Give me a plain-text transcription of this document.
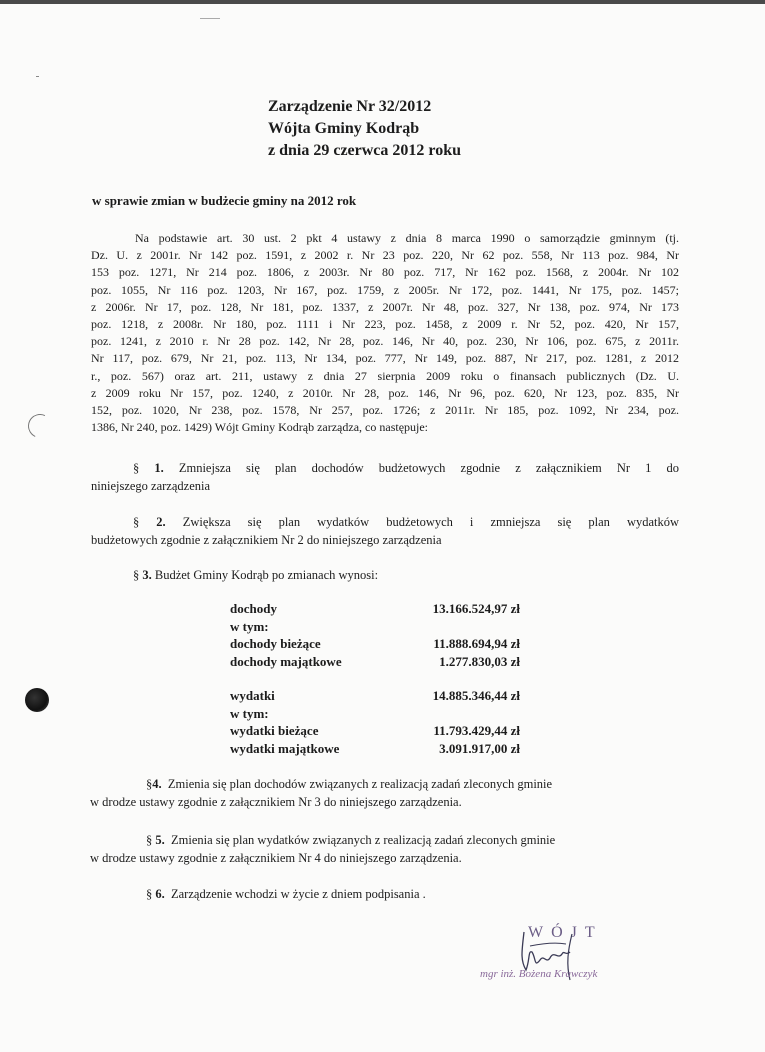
Zarządzenie Nr 32/2012
Wójta Gminy Kodrąb
z dnia 29 czerwca 2012 roku
w sprawie zmian w budżecie gminy na 2012 rok
Na podstawie art. 30 ust. 2 pkt 4 ustawy z dnia 8 marca 1990 o samorządzie gminnym (tj.
Dz. U. z 2001r. Nr 142 poz. 1591, z 2002 r. Nr 23 poz. 220, Nr 62 poz. 558, Nr 113 poz. 984, Nr
153 poz. 1271, Nr 214 poz. 1806, z 2003r. Nr 80 poz. 717, Nr 162 poz. 1568, z 2004r. Nr 102
poz. 1055, Nr 116 poz. 1203, Nr 167, poz. 1759, z 2005r. Nr 172, poz. 1441, Nr 175, poz. 1457;
z 2006r. Nr 17, poz. 128, Nr 181, poz. 1337, z 2007r. Nr 48, poz. 327, Nr 138, poz. 974, Nr 173
poz. 1218, z 2008r. Nr 180, poz. 1111 i Nr 223, poz. 1458, z 2009 r. Nr 52, poz. 420, Nr 157,
poz. 1241, z 2010 r. Nr 28 poz. 142, Nr 28, poz. 146, Nr 40, poz. 230, Nr 106, poz. 675, z 2011r.
Nr 117, poz. 679, Nr 21, poz. 113, Nr 134, poz. 777, Nr 149, poz. 887, Nr 217, poz. 1281, z 2012
r., poz. 567) oraz art. 211, ustawy z dnia 27 sierpnia 2009 roku o finansach publicznych (Dz. U.
z 2009 roku Nr 157, poz. 1240, z 2010r. Nr 28, poz. 146, Nr 96, poz. 620, Nr 123, poz. 835, Nr
152, poz. 1020, Nr 238, poz. 1578, Nr 257, poz. 1726; z 2011r. Nr 185, poz. 1092, Nr 234, poz.
1386, Nr 240, poz. 1429) Wójt Gminy Kodrąb zarządza, co następuje:
§ 1. Zmniejsza się plan dochodów budżetowych zgodnie z załącznikiem Nr 1 do
niniejszego zarządzenia
§ 2. Zwiększa się plan wydatków budżetowych i zmniejsza się plan wydatków
budżetowych zgodnie z załącznikiem Nr 2 do niniejszego zarządzenia
§ 3. Budżet Gminy Kodrąb po zmianach wynosi:
dochody	13.166.524,97 zł
w tym:
dochody bieżące	11.888.694,94 zł
dochody majątkowe	1.277.830,03 zł
wydatki	14.885.346,44 zł
w tym:
wydatki bieżące	11.793.429,44 zł
wydatki majątkowe	3.091.917,00 zł
§4. Zmienia się plan dochodów związanych z realizacją zadań zleconych gminie
w drodze ustawy zgodnie z załącznikiem Nr 3 do niniejszego zarządzenia.
§ 5. Zmienia się plan wydatków związanych z realizacją zadań zleconych gminie
w drodze ustawy zgodnie z załącznikiem Nr 4 do niniejszego zarządzenia.
§ 6. Zarządzenie wchodzi w życie z dniem podpisania .
WÓJT
mgr inż. Bożena Krawczyk
